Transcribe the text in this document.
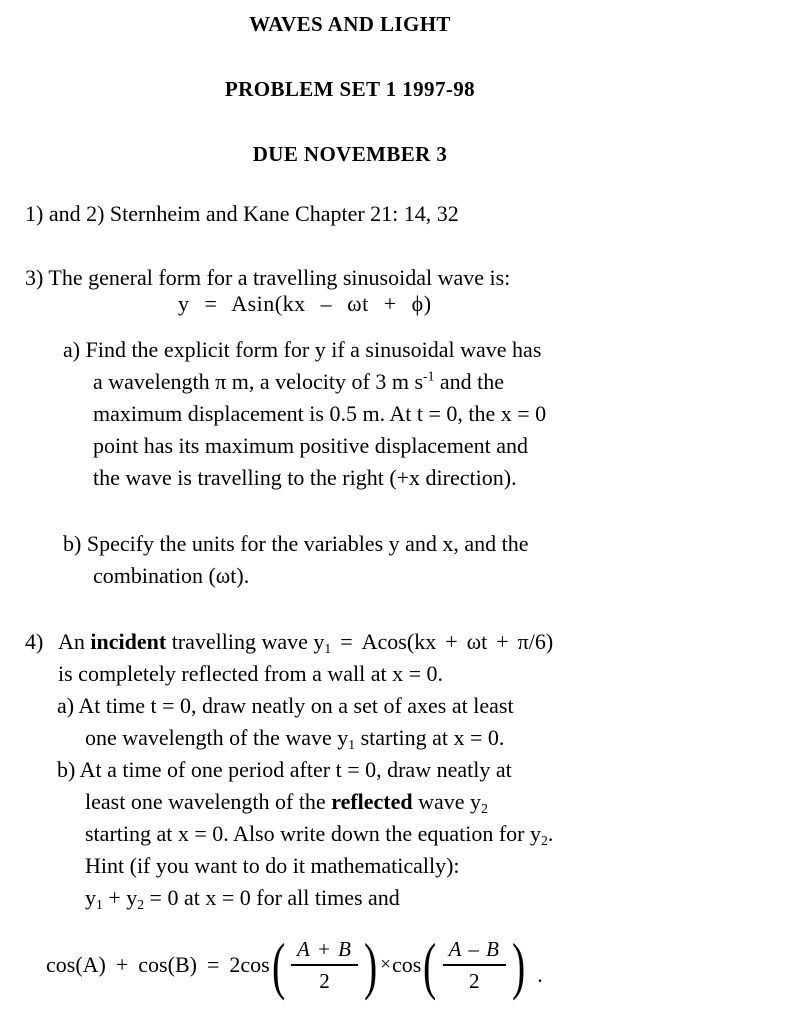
WAVES AND LIGHT
PROBLEM SET 1 1997-98
DUE NOVEMBER 3
1) and 2) Sternheim and Kane Chapter 21: 14, 32
3) The general form for a travelling sinusoidal wave is:
y = Asin(kx – ωt + ϕ)
a) Find the explicit form for y if a sinusoidal wave has
a wavelength π m, a velocity of 3 m $s^{-1}$ and the
maximum displacement is 0.5 m. At t = 0, the x = 0
point has its maximum positive displacement and
the wave is travelling to the right (+x direction).
b) Specify the units for the variables y and x, and the
combination (ωt).
4) An incident travelling wave $y_1 = Acos(kx + \omega t + \pi/6)$
is completely reflected from a wall at x = 0.
a) At time t = 0, draw neatly on a set of axes at least
one wavelength of the wave $y_1$ starting at x = 0.
b) At a time of one period after t = 0, draw neatly at
least one wavelength of the reflected wave $y_2$
starting at x = 0. Also write down the equation for $y_2$.
Hint (if you want to do it mathematically):
$y_1 + y_2 = 0$ at x = 0 for all times and
cos(A) + cos(B) = 2cos ( $\frac{A + B}{2}$ ) × cos ( $\frac{A - B}{2}$ ) .
